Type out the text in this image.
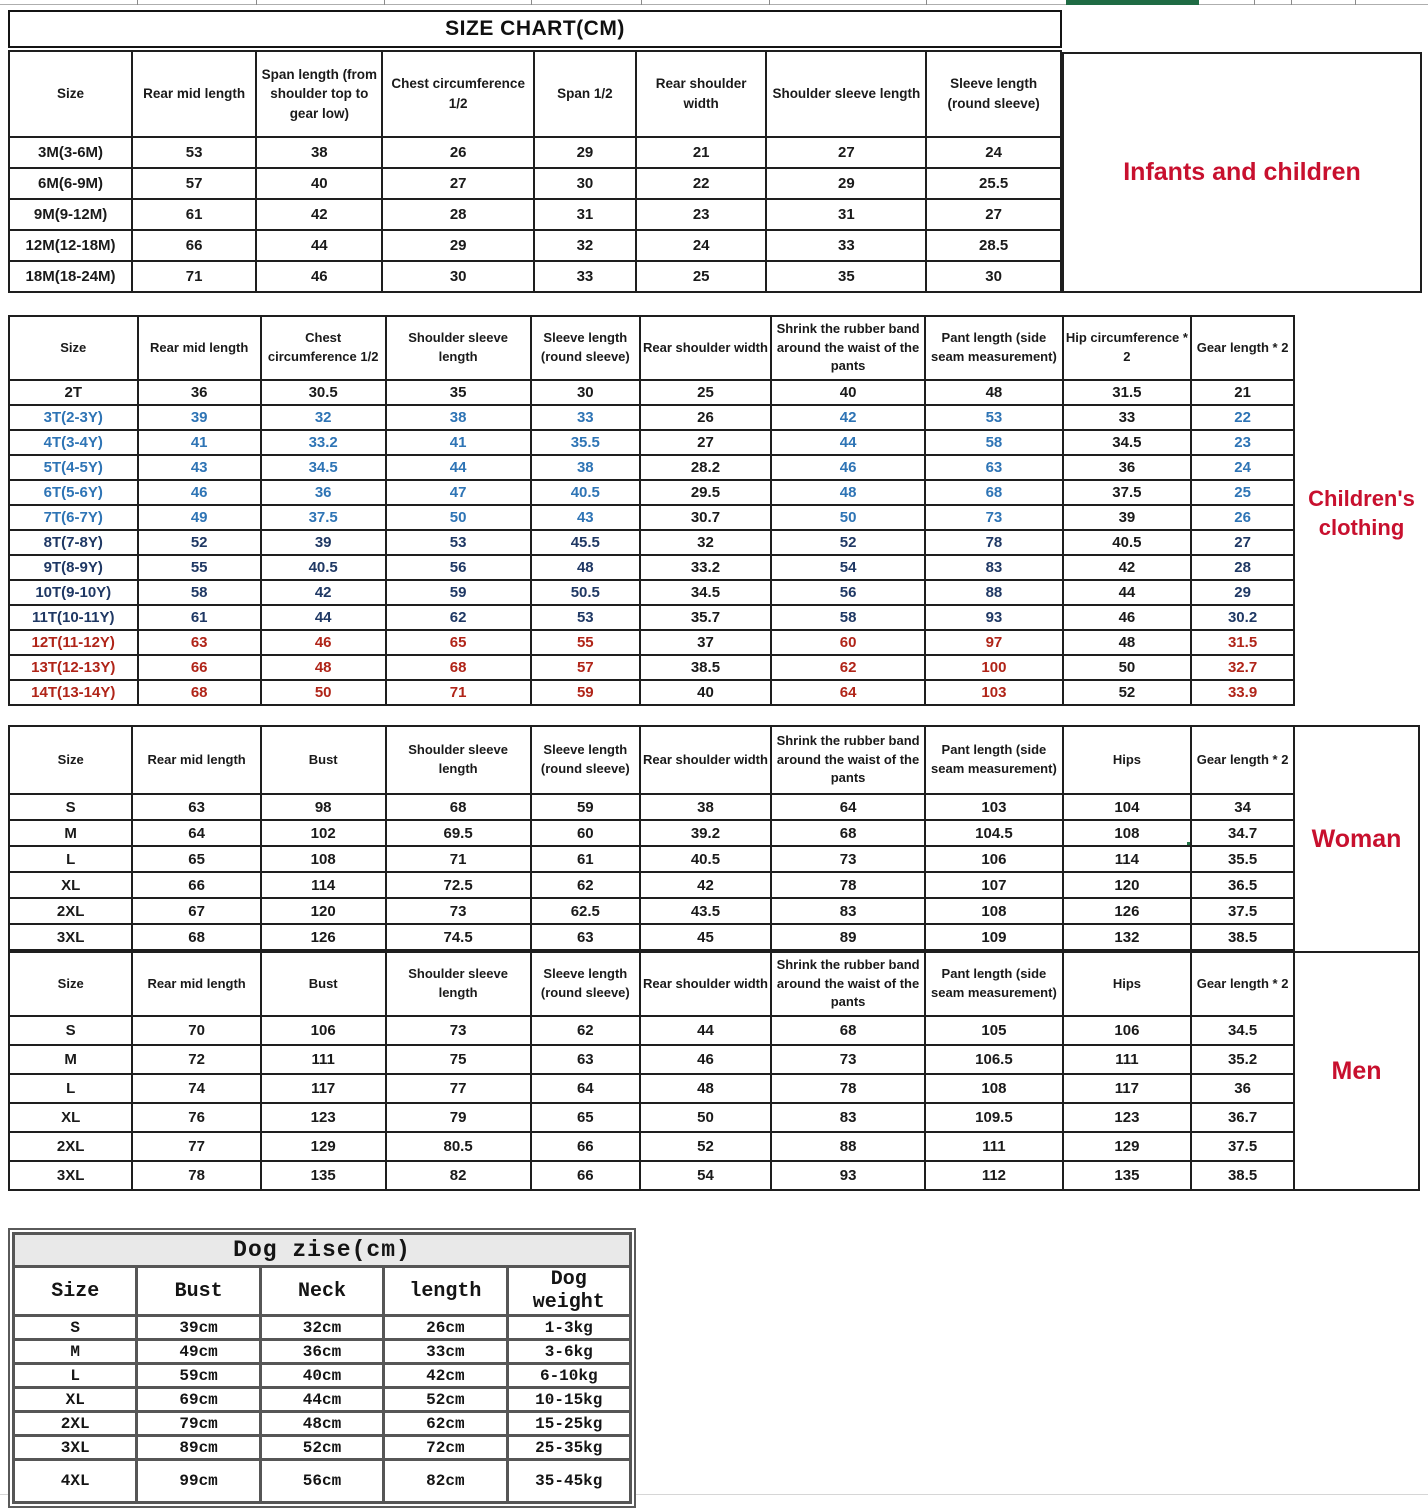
SIZE CHART(CM)
Size	Rear mid length	Span length (from shoulder top to gear low)	Chest circumference 1/2	Span 1/2	Rear shoulder width	Shoulder sleeve length	Sleeve length (round sleeve)
3M(3-6M)	53	38	26	29	21	27	24
6M(6-9M)	57	40	27	30	22	29	25.5
9M(9-12M)	61	42	28	31	23	31	27
12M(12-18M)	66	44	29	32	24	33	28.5
18M(18-24M)	71	46	30	33	25	35	30
Infants and children
Size	Rear mid length	Chest circumference 1/2	Shoulder sleeve length	Sleeve length (round sleeve)	Rear shoulder width	Shrink the rubber band around the waist of the pants	Pant length (side seam measurement)	Hip circumference * 2	Gear length * 2
2T	36	30.5	35	30	25	40	48	31.5	21
3T(2-3Y)	39	32	38	33	26	42	53	33	22
4T(3-4Y)	41	33.2	41	35.5	27	44	58	34.5	23
5T(4-5Y)	43	34.5	44	38	28.2	46	63	36	24
6T(5-6Y)	46	36	47	40.5	29.5	48	68	37.5	25
7T(6-7Y)	49	37.5	50	43	30.7	50	73	39	26
8T(7-8Y)	52	39	53	45.5	32	52	78	40.5	27
9T(8-9Y)	55	40.5	56	48	33.2	54	83	42	28
10T(9-10Y)	58	42	59	50.5	34.5	56	88	44	29
11T(10-11Y)	61	44	62	53	35.7	58	93	46	30.2
12T(11-12Y)	63	46	65	55	37	60	97	48	31.5
13T(12-13Y)	66	48	68	57	38.5	62	100	50	32.7
14T(13-14Y)	68	50	71	59	40	64	103	52	33.9
Children's clothing
Size	Rear mid length	Bust	Shoulder sleeve length	Sleeve length (round sleeve)	Rear shoulder width	Shrink the rubber band around the waist of the pants	Pant length (side seam measurement)	Hips	Gear length * 2
S	63	98	68	59	38	64	103	104	34
M	64	102	69.5	60	39.2	68	104.5	108	34.7
L	65	108	71	61	40.5	73	106	114	35.5
XL	66	114	72.5	62	42	78	107	120	36.5
2XL	67	120	73	62.5	43.5	83	108	126	37.5
3XL	68	126	74.5	63	45	89	109	132	38.5
Size	Rear mid length	Bust	Shoulder sleeve length	Sleeve length (round sleeve)	Rear shoulder width	Shrink the rubber band around the waist of the pants	Pant length (side seam measurement)	Hips	Gear length * 2
S	70	106	73	62	44	68	105	106	34.5
M	72	111	75	63	46	73	106.5	111	35.2
L	74	117	77	64	48	78	108	117	36
XL	76	123	79	65	50	83	109.5	123	36.7
2XL	77	129	80.5	66	52	88	111	129	37.5
3XL	78	135	82	66	54	93	112	135	38.5
Woman
Men
Dog zise(cm)				
Size	Bust	Neck	length	Dog weight
S	39cm	32cm	26cm	1-3kg
M	49cm	36cm	33cm	3-6kg
L	59cm	40cm	42cm	6-10kg
XL	69cm	44cm	52cm	10-15kg
2XL	79cm	48cm	62cm	15-25kg
3XL	89cm	52cm	72cm	25-35kg
4XL	99cm	56cm	82cm	35-45kg
